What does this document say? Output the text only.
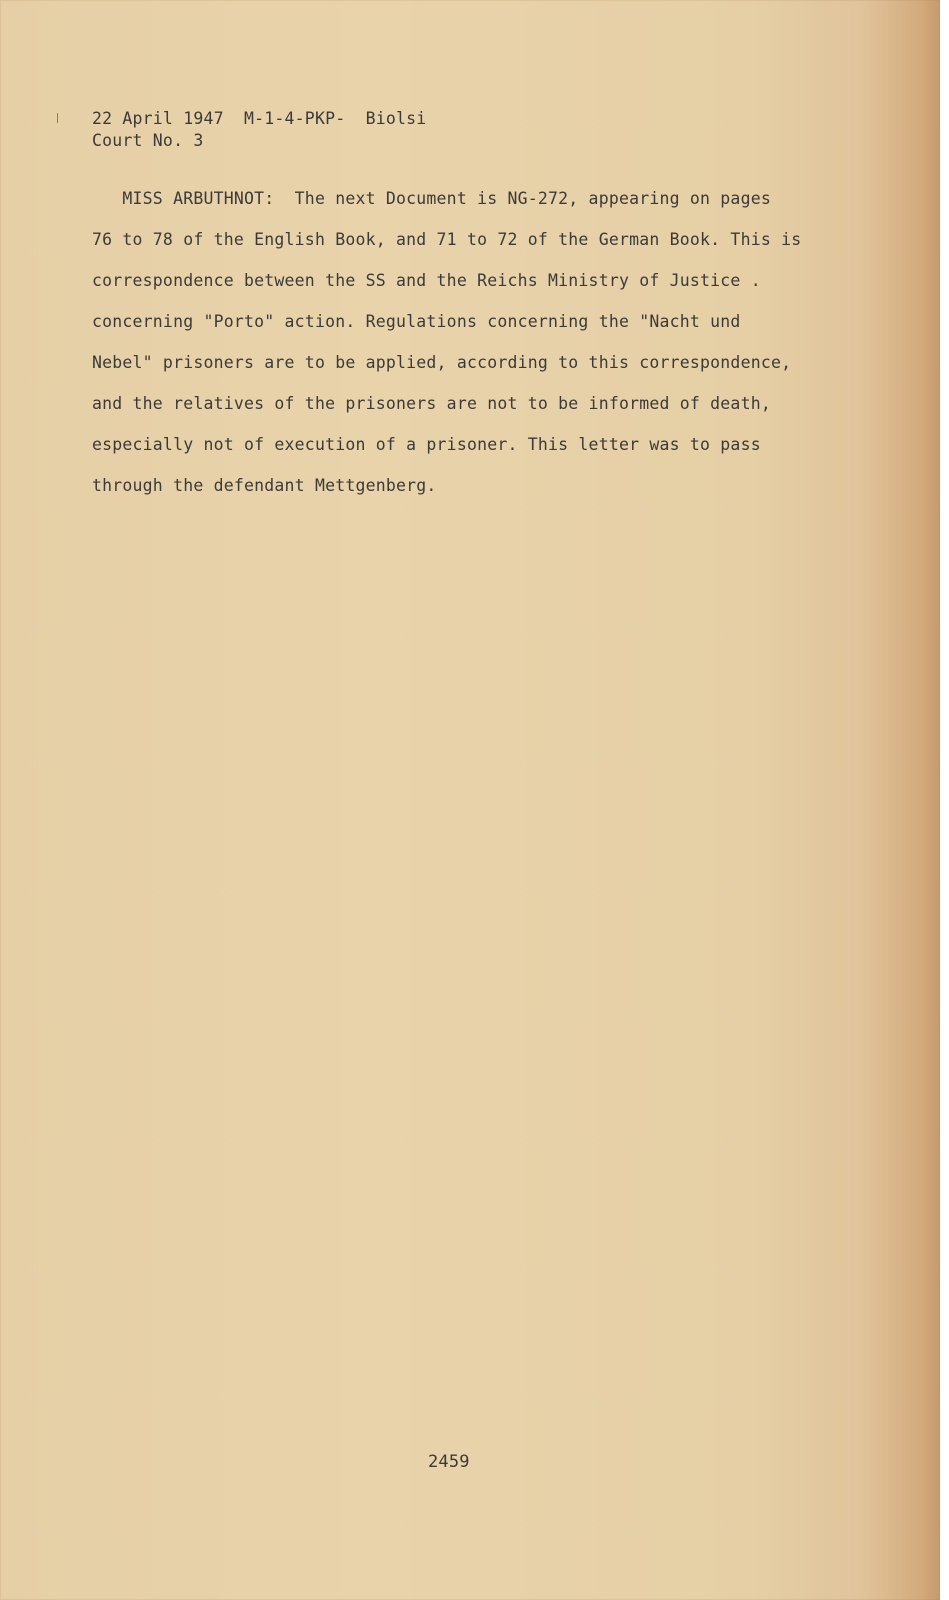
22 April 1947  M-1-4-PKP-  Biolsi
Court No. 3
MISS ARBUTHNOT:  The next Document is NG-272, appearing on pages
76 to 78 of the English Book, and 71 to 72 of the German Book. This is
correspondence between the SS and the Reichs Ministry of Justice .
concerning "Porto" action. Regulations concerning the "Nacht und
Nebel" prisoners are to be applied, according to this correspondence,
and the relatives of the prisoners are not to be informed of death,
especially not of execution of a prisoner. This letter was to pass
through the defendant Mettgenberg.
2459
